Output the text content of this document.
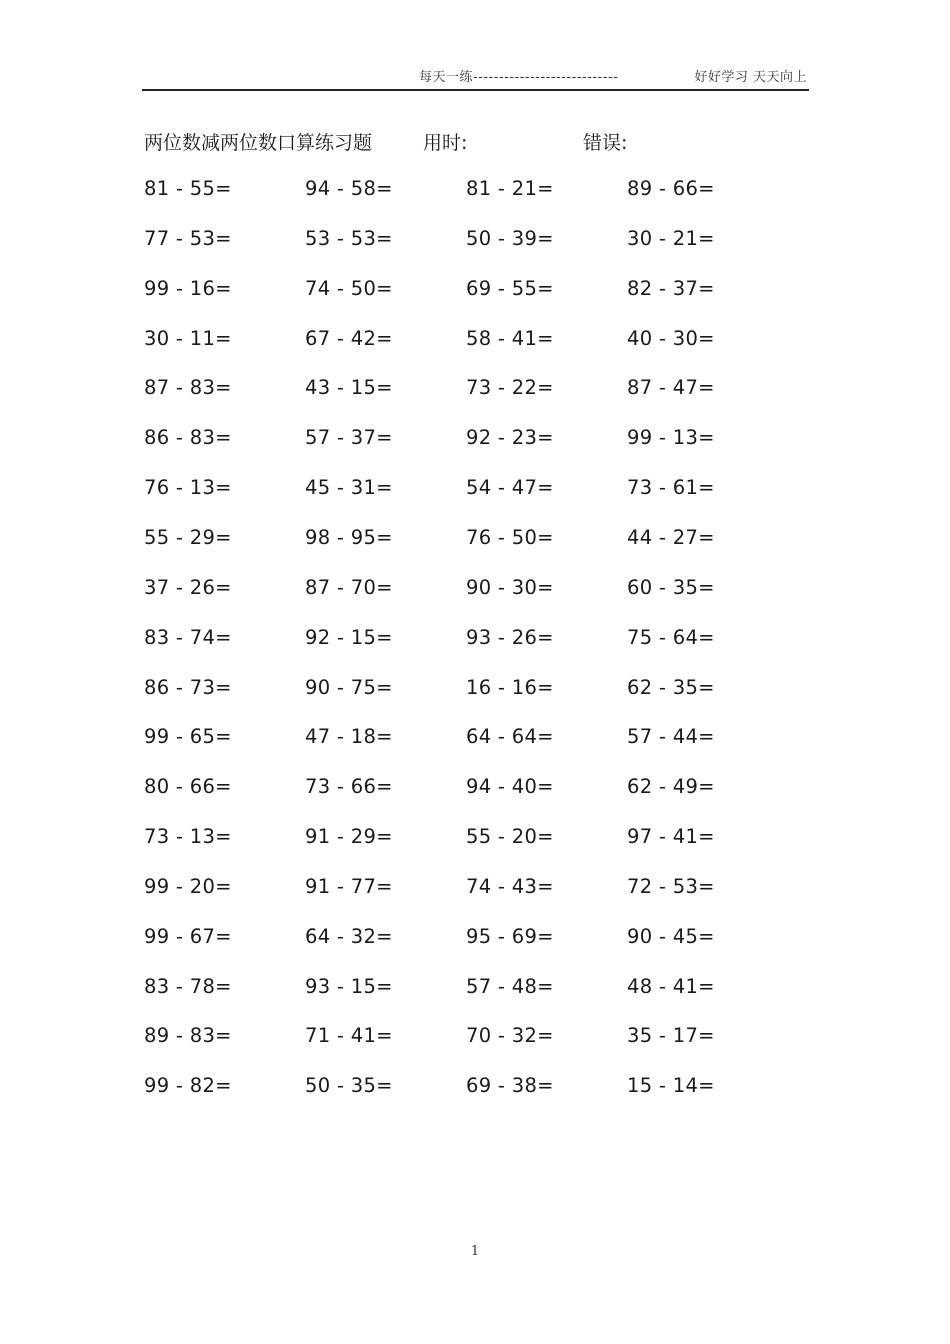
每天一练----------------------------	好好学习 天天向上
两位数减两位数口算练习题	用时:	错误:
81 - 55=	94 - 58=	81 - 21=	89 - 66=
77 - 53=	53 - 53=	50 - 39=	30 - 21=
99 - 16=	74 - 50=	69 - 55=	82 - 37=
30 - 11=	67 - 42=	58 - 41=	40 - 30=
87 - 83=	43 - 15=	73 - 22=	87 - 47=
86 - 83=	57 - 37=	92 - 23=	99 - 13=
76 - 13=	45 - 31=	54 - 47=	73 - 61=
55 - 29=	98 - 95=	76 - 50=	44 - 27=
37 - 26=	87 - 70=	90 - 30=	60 - 35=
83 - 74=	92 - 15=	93 - 26=	75 - 64=
86 - 73=	90 - 75=	16 - 16=	62 - 35=
99 - 65=	47 - 18=	64 - 64=	57 - 44=
80 - 66=	73 - 66=	94 - 40=	62 - 49=
73 - 13=	91 - 29=	55 - 20=	97 - 41=
99 - 20=	91 - 77=	74 - 43=	72 - 53=
99 - 67=	64 - 32=	95 - 69=	90 - 45=
83 - 78=	93 - 15=	57 - 48=	48 - 41=
89 - 83=	71 - 41=	70 - 32=	35 - 17=
99 - 82=	50 - 35=	69 - 38=	15 - 14=
1
